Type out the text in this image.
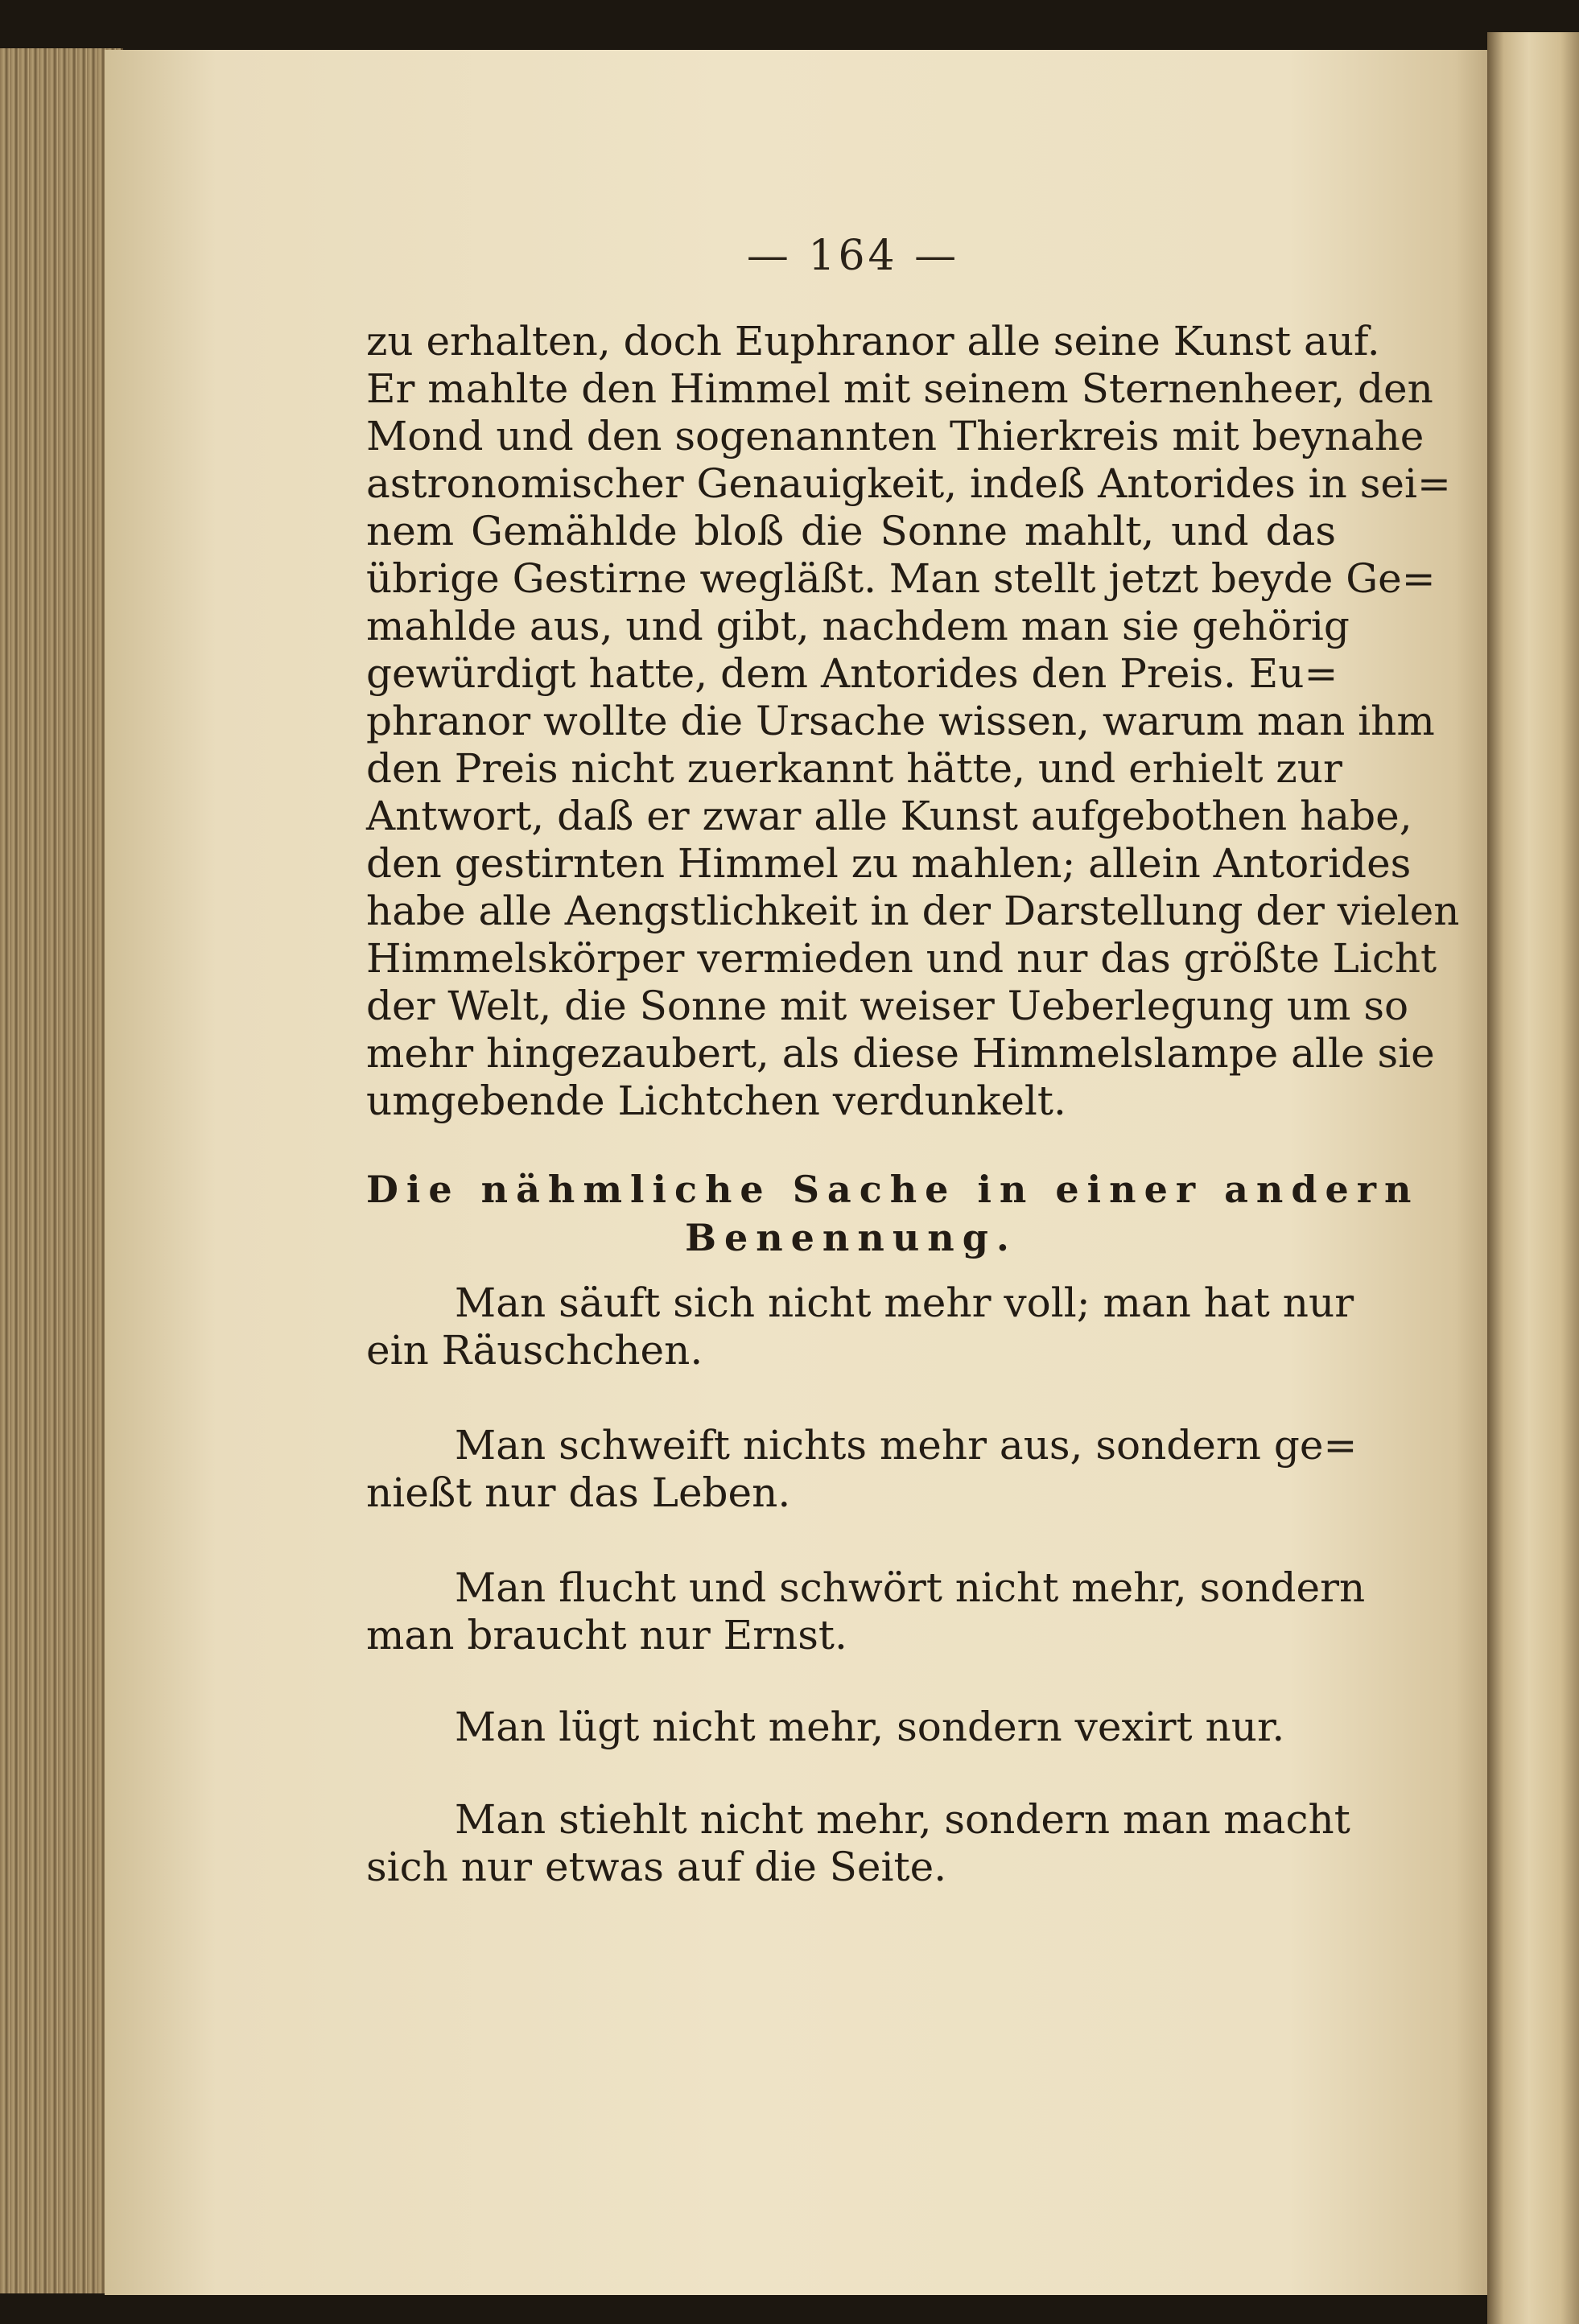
— 164 —
zu erhalten, doch Euphranor alle seine Kunst auf.
Er mahlte den Himmel mit seinem Sternenheer, den
Mond und den sogenannten Thierkreis mit beynahe
astronomischer Genauigkeit, indeß Antorides in sei=
nem Gemählde bloß die Sonne mahlt, und das
übrige Gestirne wegläßt. Man stellt jetzt beyde Ge=
mahlde aus, und gibt, nachdem man sie gehörig
gewürdigt hatte, dem Antorides den Preis. Eu=
phranor wollte die Ursache wissen, warum man ihm
den Preis nicht zuerkannt hätte, und erhielt zur
Antwort, daß er zwar alle Kunst aufgebothen habe,
den gestirnten Himmel zu mahlen; allein Antorides
habe alle Aengstlichkeit in der Darstellung der vielen
Himmelskörper vermieden und nur das größte Licht
der Welt, die Sonne mit weiser Ueberlegung um so
mehr hingezaubert, als diese Himmelslampe alle sie
umgebende Lichtchen verdunkelt.
Die nähmliche Sache in einer andern
Benennung.
Man säuft sich nicht mehr voll; man hat nur
ein Räuschchen.
Man schweift nichts mehr aus, sondern ge=
nießt nur das Leben.
Man flucht und schwört nicht mehr, sondern
man braucht nur Ernst.
Man lügt nicht mehr, sondern vexirt nur.
Man stiehlt nicht mehr, sondern man macht
sich nur etwas auf die Seite.
